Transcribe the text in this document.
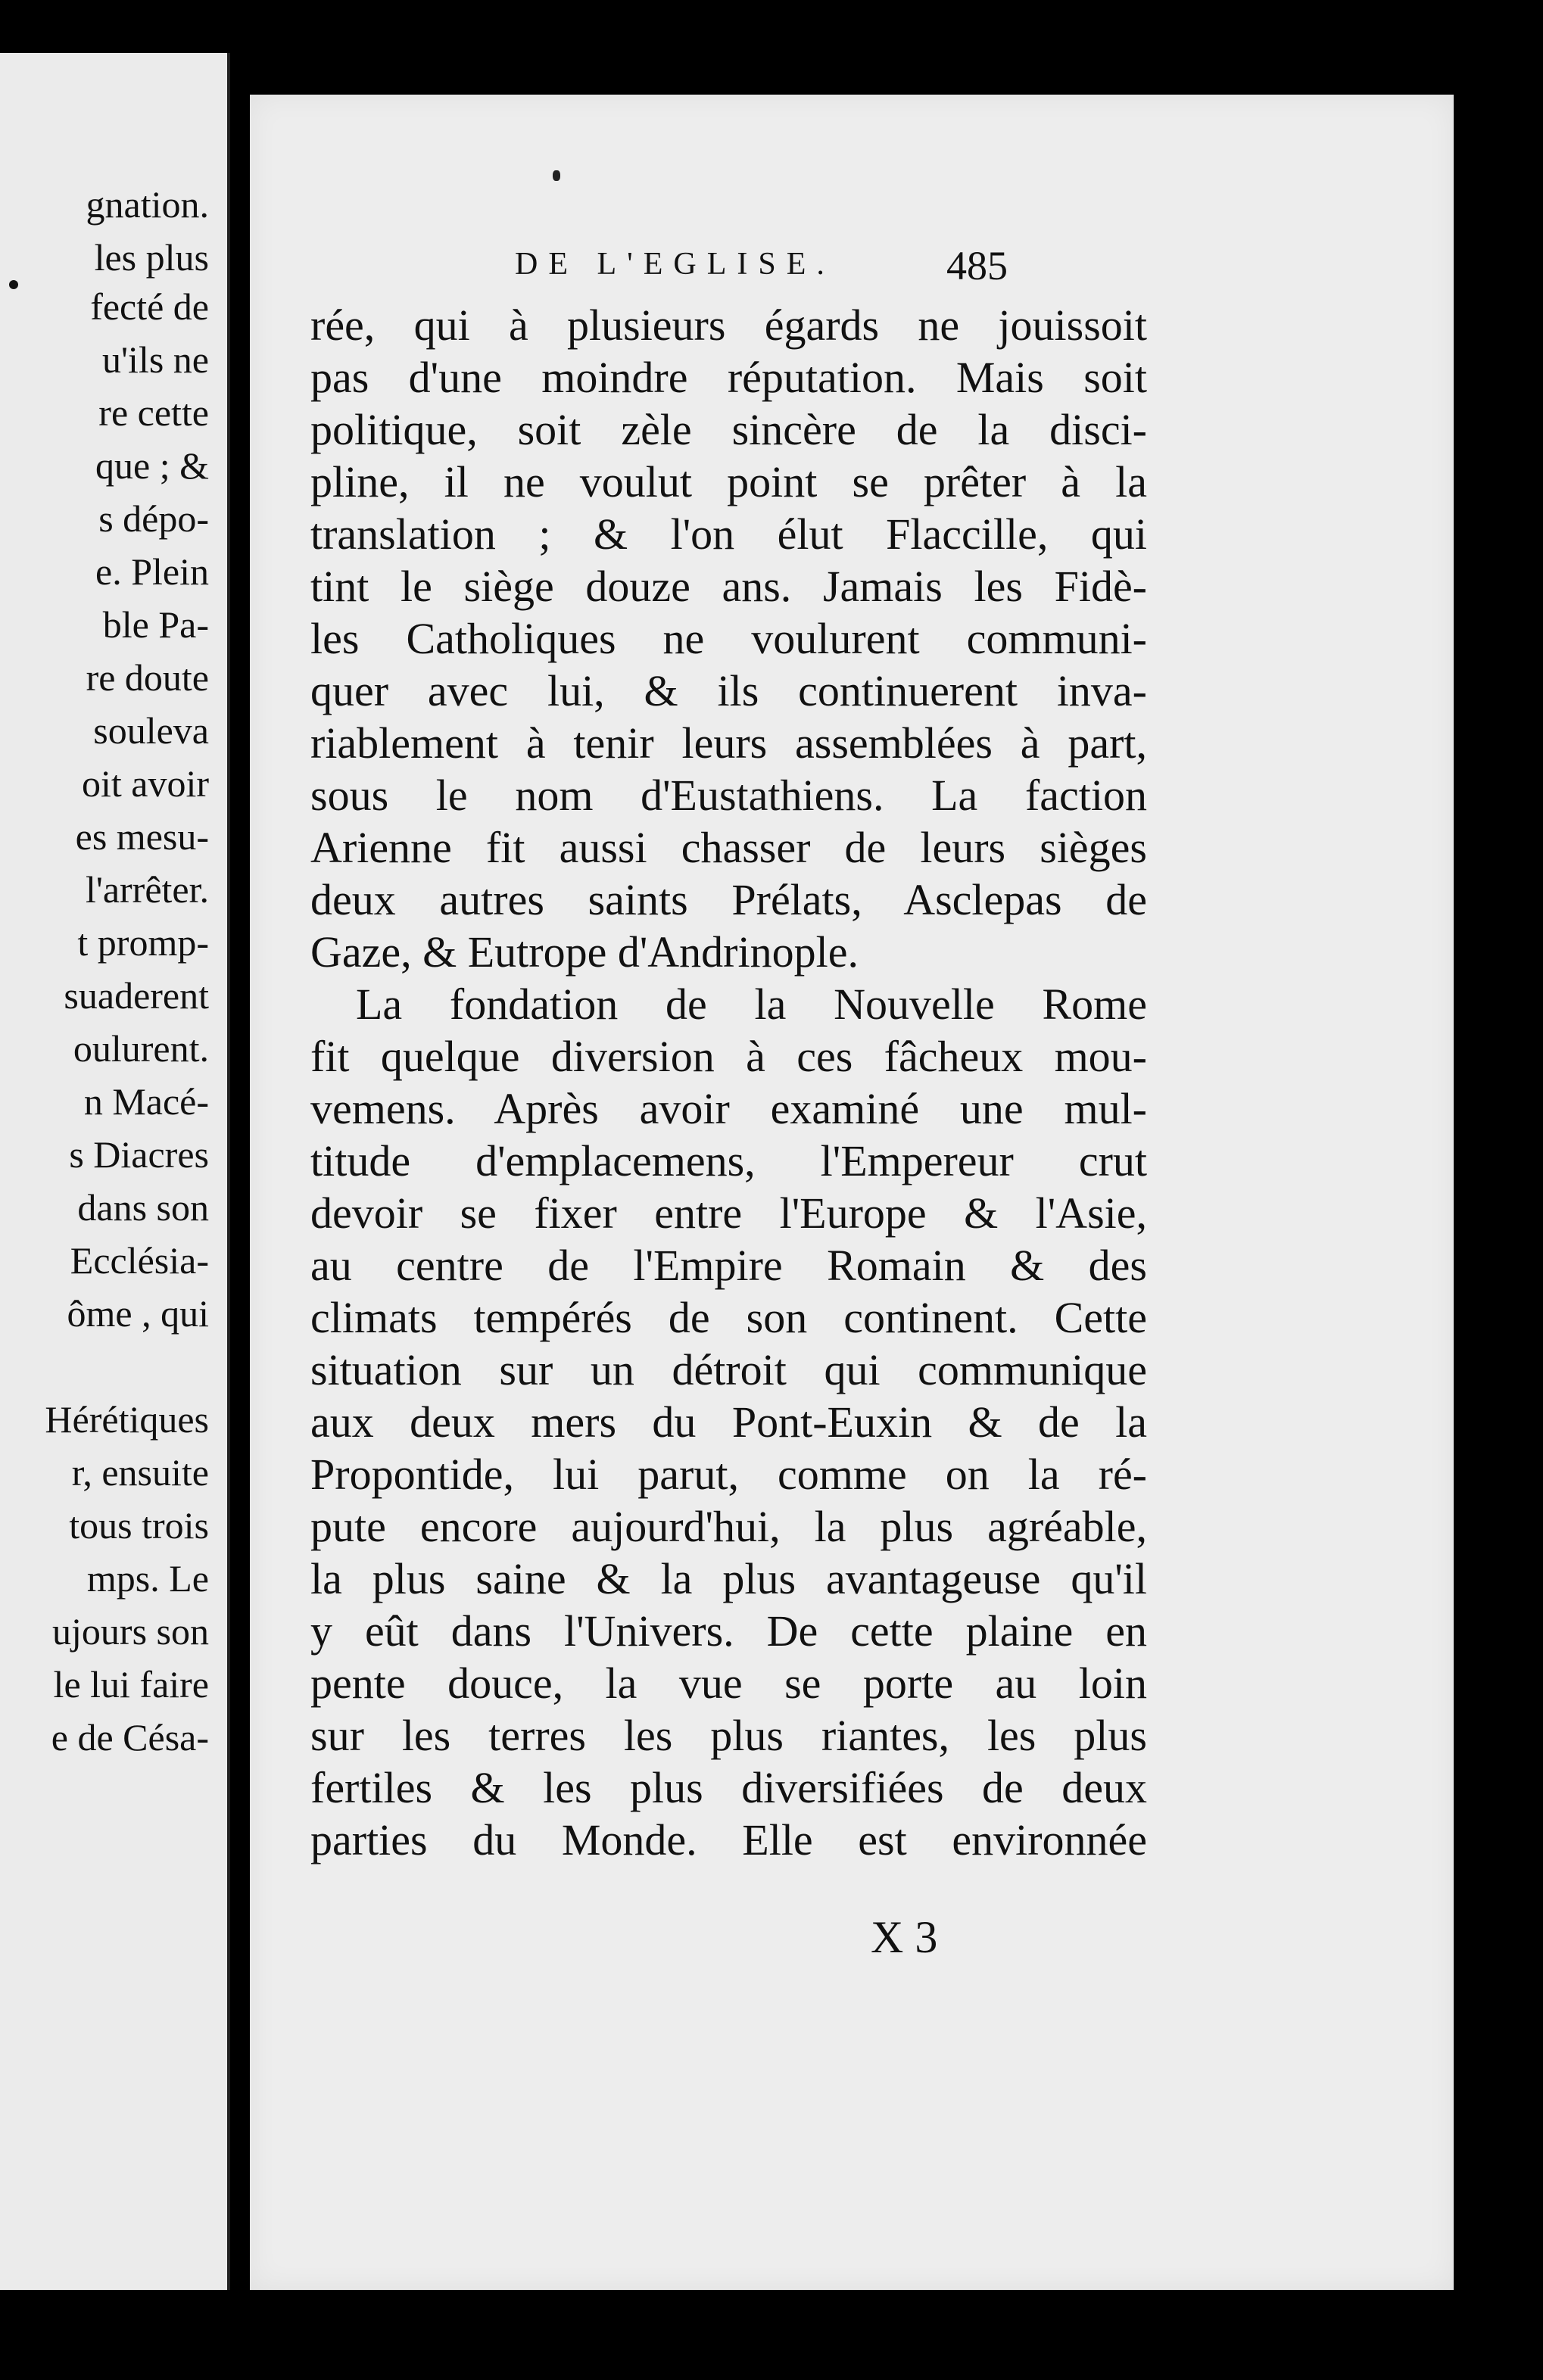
gnation.
les plus
fecté de
u'ils ne
re cette
que ; &
s dépo-
e. Plein
ble Pa-
re doute
souleva
oit avoir
es mesu-
l'arrêter.
t promp-
suaderent
oulurent.
n Macé-
s Diacres
dans son
Ecclésia-
ôme , qui
Hérétiques
r, ensuite
tous trois
mps. Le
ujours son
le lui faire
e de Césa-
DE L'EGLISE.	485
rée, qui à plusieurs égards ne jouissoit
pas d'une moindre réputation. Mais soit
politique, soit zèle sincère de la disci-
pline, il ne voulut point se prêter à la
translation ; & l'on élut Flaccille, qui
tint le siège douze ans. Jamais les Fidè-
les Catholiques ne voulurent communi-
quer avec lui, & ils continuerent inva-
riablement à tenir leurs assemblées à part,
sous le nom d'Eustathiens. La faction
Arienne fit aussi chasser de leurs sièges
deux autres saints Prélats, Asclepas de
Gaze, & Eutrope d'Andrinople.
La fondation de la Nouvelle Rome
fit quelque diversion à ces fâcheux mou-
vemens. Après avoir examiné une mul-
titude d'emplacemens, l'Empereur crut
devoir se fixer entre l'Europe & l'Asie,
au centre de l'Empire Romain & des
climats tempérés de son continent. Cette
situation sur un détroit qui communique
aux deux mers du Pont-Euxin & de la
Propontide, lui parut, comme on la ré-
pute encore aujourd'hui, la plus agréable,
la plus saine & la plus avantageuse qu'il
y eût dans l'Univers. De cette plaine en
pente douce, la vue se porte au loin
sur les terres les plus riantes, les plus
fertiles & les plus diversifiées de deux
parties du Monde. Elle est environnée
X 3
